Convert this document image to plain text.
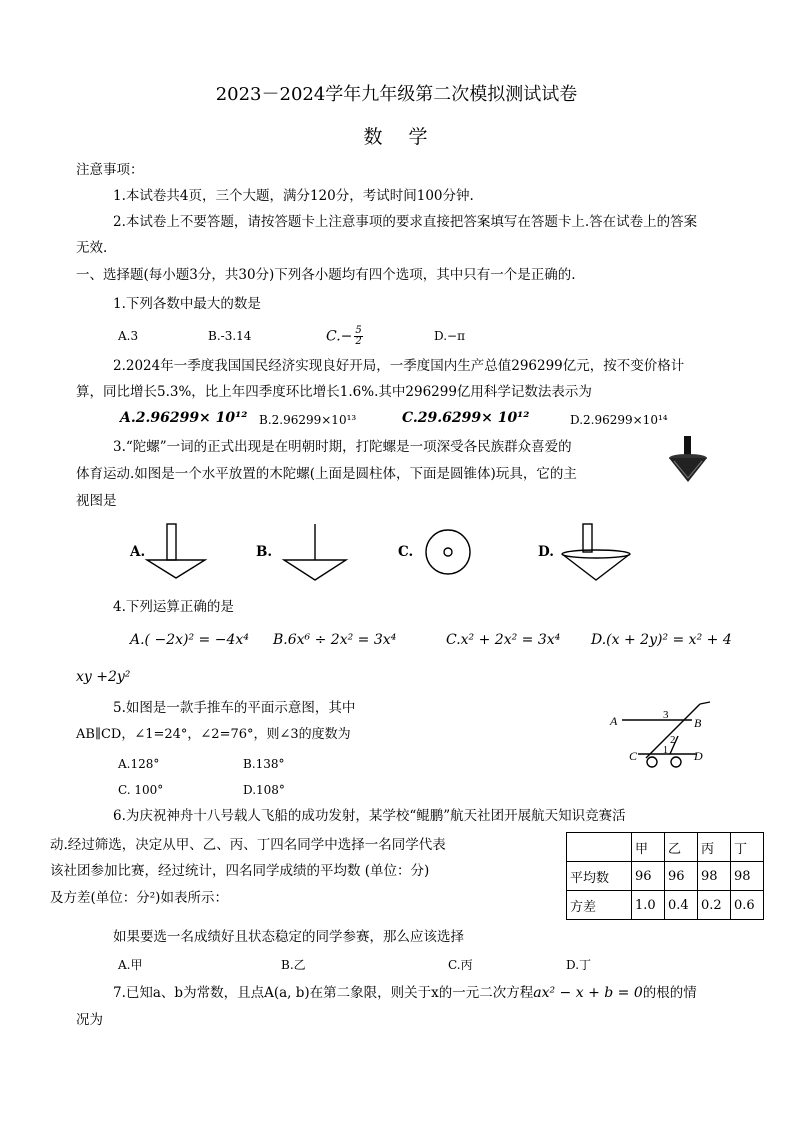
2023－2024学年九年级第二次模拟测试试卷
数学
注意事项：
1.本试卷共4页，三个大题，满分120分，考试时间100分钟.
2.本试卷上不要答题，请按答题卡上注意事项的要求直接把答案填写在答题卡上.答在试卷上的答案
无效.
一、选择题(每小题3分，共30分)下列各小题均有四个选项，其中只有一个是正确的.
1.下列各数中最大的数是
A.3	B.-3.14	$C.- \frac{5}{2}$	D.−π
2.2024年一季度我国国民经济实现良好开局，一季度国内生产总值296299亿元，按不变价格计
算，同比增长5.3%，比上年四季度环比增长1.6%.其中296299亿用科学记数法表示为
A.2.96299× 10¹² B.2.96299×10¹³	C.29.6299× 10¹²	D.2.96299×10¹⁴
3.“陀螺”一词的正式出现是在明朝时期，打陀螺是一项深受各民族群众喜爱的
体育运动.如图是一个水平放置的木陀螺(上面是圆柱体，下面是圆锥体)玩具，它的主
视图是
A.	B.	C.	D.
4.下列运算正确的是
A.( −2x)² = −4x⁴ B.6x⁶ ÷ 2x² = 3x⁴	C.x² + 2x² = 3x⁴ D.(x + 2y)² = x² + 4
xy +2y²
5.如图是一款手推车的平面示意图，其中
AB∥CD，∠1=24°，∠2=76°，则∠3的度数为
A.128°	B.138°
C. 100°	D.108°
A	B
C	D
3
2
1
6.为庆祝神舟十八号载人飞船的成功发射，某学校“鲲鹏”航天社团开展航天知识竞赛活
动.经过筛选，决定从甲、乙、丙、丁四名同学中选择一名同学代表
该社团参加比赛，经过统计，四名同学成绩的平均数 (单位：分)
及方差(单位：分²)如表所示：
	甲	乙	丙	丁
平均数	96	96	98	98
方差	1.0	0.4	0.2	0.6
如果要选一名成绩好且状态稳定的同学参赛，那么应该选择
A.甲	B.乙	C.丙	D.丁
7.已知a、b为常数，且点A(a, b)在第二象限，则关于x的一元二次方程ax² − x + b = 0的根的情
况为
